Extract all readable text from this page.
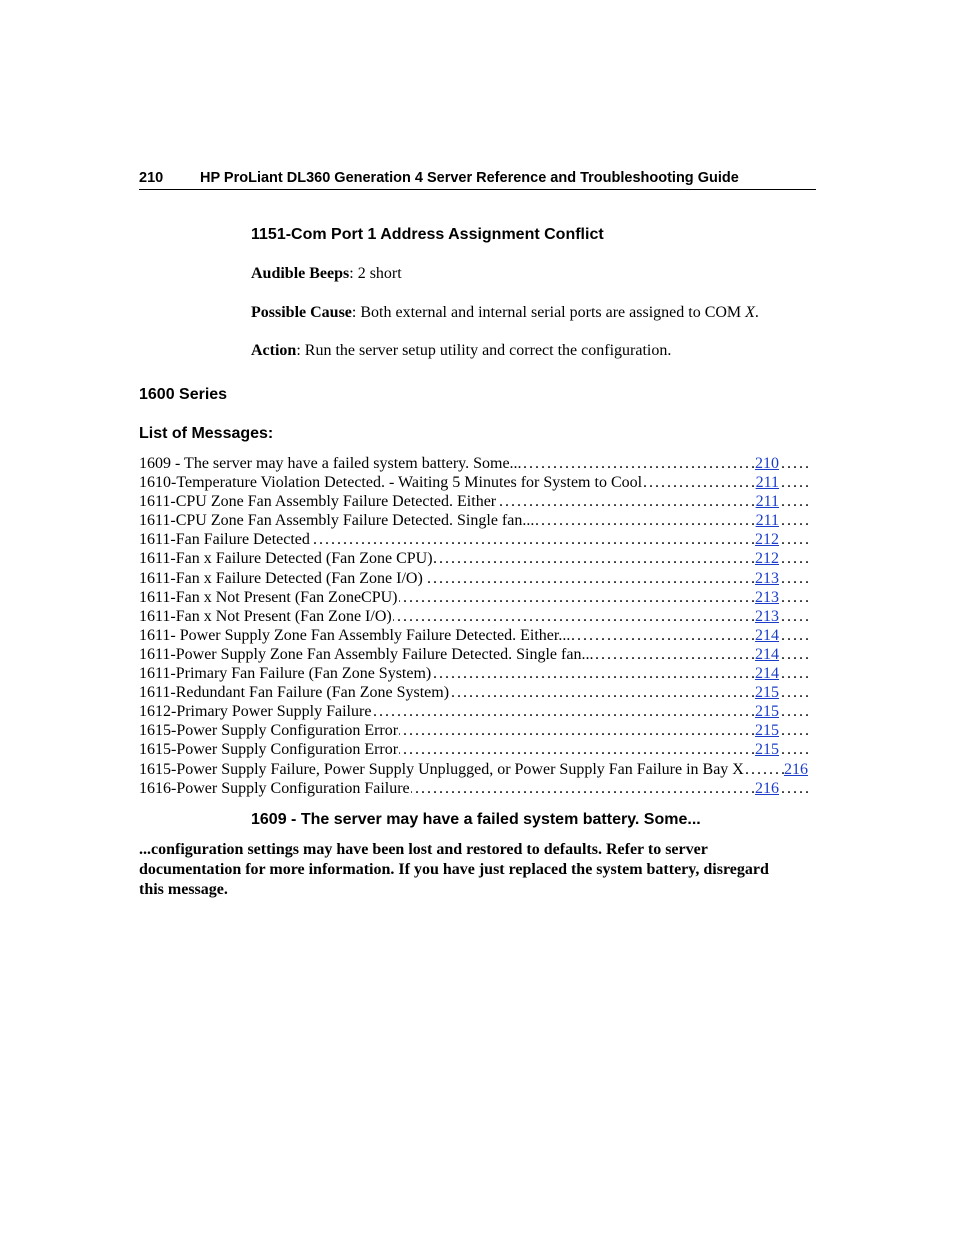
210	HP ProLiant DL360 Generation 4 Server Reference and Troubleshooting Guide
1151-Com Port 1 Address Assignment Conflict
Audible Beeps: 2 short
Possible Cause: Both external and internal serial ports are assigned to COM X.
Action: Run the server setup utility and correct the configuration.
1600 Series
List of Messages:
. . . 1609 - The server may have a failed system battery. Some...	210
. . . 1610-Temperature Violation Detected. - Waiting 5 Minutes for System to Cool	211
. . . 1611-CPU Zone Fan Assembly Failure Detected. Either	211
. . . 1611-CPU Zone Fan Assembly Failure Detected. Single fan...	211
. . . 1611-Fan Failure Detected	212
. . . 1611-Fan x Failure Detected (Fan Zone CPU)	212
. . . 1611-Fan x Failure Detected (Fan Zone I/O)	213
. . . 1611-Fan x Not Present (Fan ZoneCPU)	213
. . . 1611-Fan x Not Present (Fan Zone I/O)	213
. . . 1611- Power Supply Zone Fan Assembly Failure Detected. Either...	214
. . . 1611-Power Supply Zone Fan Assembly Failure Detected. Single fan...	214
. . . 1611-Primary Fan Failure (Fan Zone System)	214
. . . 1611-Redundant Fan Failure (Fan Zone System)	215
. . . 1612-Primary Power Supply Failure	215
. . . 1615-Power Supply Configuration Error	215
. . . 1615-Power Supply Configuration Error	215
. . . 1615-Power Supply Failure, Power Supply Unplugged, or Power Supply Fan Failure in Bay X	216
. . . 1616-Power Supply Configuration Failure	216
1609 - The server may have a failed system battery. Some...
...configuration settings may have been lost and restored to defaults. Refer to server documentation for more information. If you have just replaced the system battery, disregard this message.
